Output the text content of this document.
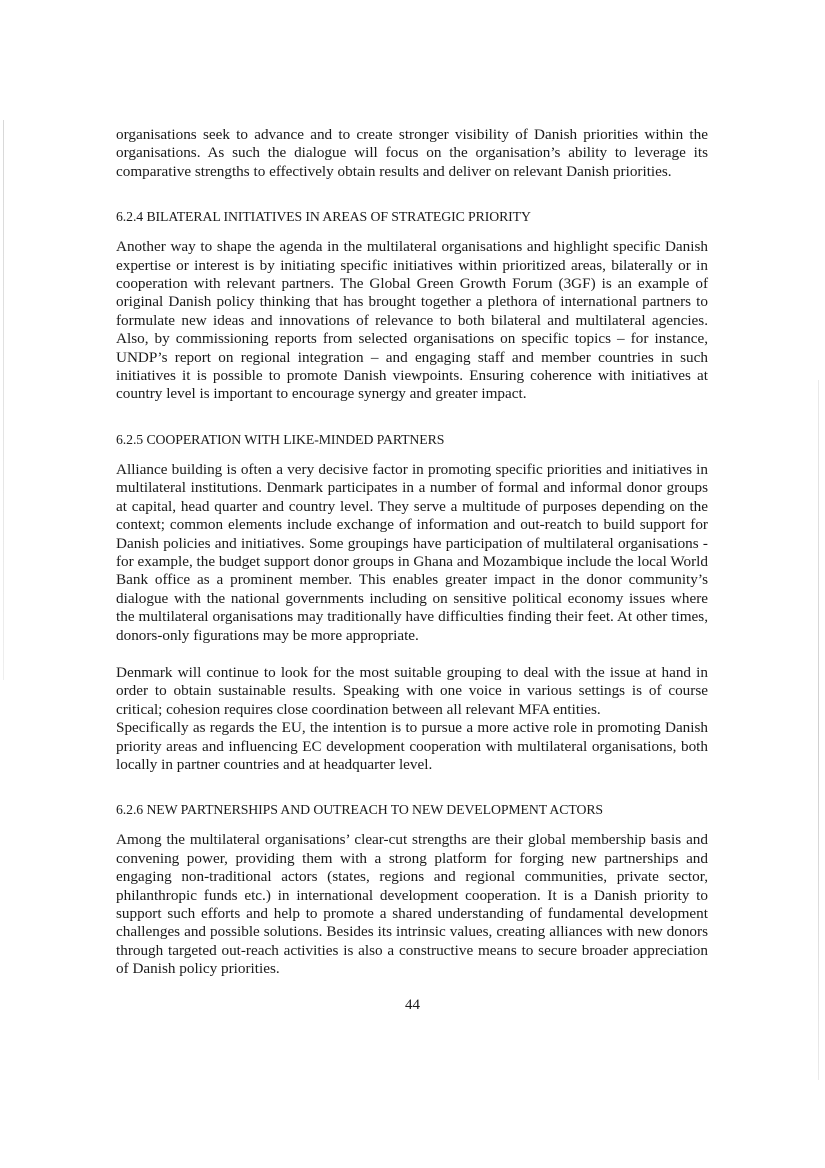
organisations seek to advance and to create stronger visibility of Danish priorities within the organisations. As such the dialogue will focus on the organisation’s ability to leverage its comparative strengths to effectively obtain results and deliver on relevant Danish priorities.

6.2.4 BILATERAL INITIATIVES IN AREAS OF STRATEGIC PRIORITY

Another way to shape the agenda in the multilateral organisations and highlight specific Danish expertise or interest is by initiating specific initiatives within prioritized areas, bilaterally or in cooperation with relevant partners. The Global Green Growth Forum (3GF) is an example of original Danish policy thinking that has brought together a plethora of international partners to formulate new ideas and innovations of relevance to both bilateral and multilateral agencies. Also, by commissioning reports from selected organisations on specific topics – for instance, UNDP’s report on regional integration – and engaging staff and member countries in such initiatives it is possible to promote Danish viewpoints. Ensuring coherence with initiatives at country level is important to encourage synergy and greater impact.

6.2.5 COOPERATION WITH LIKE-MINDED PARTNERS

Alliance building is often a very decisive factor in promoting specific priorities and initiatives in multilateral institutions. Denmark participates in a number of formal and informal donor groups at capital, head quarter and country level. They serve a multitude of purposes depending on the context; common elements include exchange of information and out-reatch to build support for Danish policies and initiatives. Some groupings have participation of multilateral organisations - for example, the budget support donor groups in Ghana and Mozambique include the local World Bank office as a prominent member. This enables greater impact in the donor community’s dialogue with the national governments including on sensitive political economy issues where the multilateral organisations may traditionally have difficulties finding their feet. At other times, donors-only figurations may be more appropriate.

Denmark will continue to look for the most suitable grouping to deal with the issue at hand in order to obtain sustainable results. Speaking with one voice in various settings is of course critical; cohesion requires close coordination between all relevant MFA entities.

Specifically as regards the EU, the intention is to pursue a more active role in promoting Danish priority areas and influencing EC development cooperation with multilateral organisations, both locally in partner countries and at headquarter level.

6.2.6 NEW PARTNERSHIPS AND OUTREACH TO NEW DEVELOPMENT ACTORS

Among the multilateral organisations’ clear-cut strengths are their global membership basis and convening power, providing them with a strong platform for forging new partnerships and engaging non-traditional actors (states, regions and regional communities, private sector, philanthropic funds etc.) in international development cooperation. It is a Danish priority to support such efforts and help to promote a shared understanding of fundamental development challenges and possible solutions. Besides its intrinsic values, creating alliances with new donors through targeted out-reach activities is also a constructive means to secure broader appreciation of Danish policy priorities.

44
